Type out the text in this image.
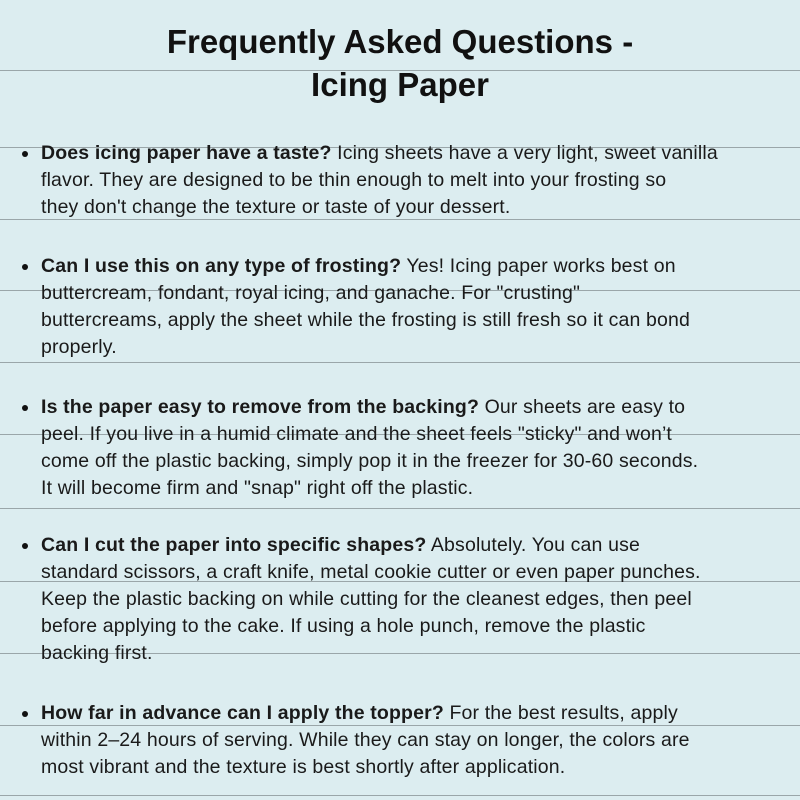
Frequently Asked Questions -
Icing Paper
Does icing paper have a taste? Icing sheets have a very light, sweet vanilla
flavor. They are designed to be thin enough to melt into your frosting so
they don't change the texture or taste of your dessert.
Can I use this on any type of frosting? Yes! Icing paper works best on
buttercream, fondant, royal icing, and ganache. For "crusting"
buttercreams, apply the sheet while the frosting is still fresh so it can bond
properly.
Is the paper easy to remove from the backing? Our sheets are easy to
peel. If you live in a humid climate and the sheet feels "sticky" and won’t
come off the plastic backing, simply pop it in the freezer for 30-60 seconds.
It will become firm and "snap" right off the plastic.
Can I cut the paper into specific shapes? Absolutely. You can use
standard scissors, a craft knife, metal cookie cutter or even paper punches.
Keep the plastic backing on while cutting for the cleanest edges, then peel
before applying to the cake. If using a hole punch, remove the plastic
backing first.
How far in advance can I apply the topper? For the best results, apply
within 2–24 hours of serving. While they can stay on longer, the colors are
most vibrant and the texture is best shortly after application.
